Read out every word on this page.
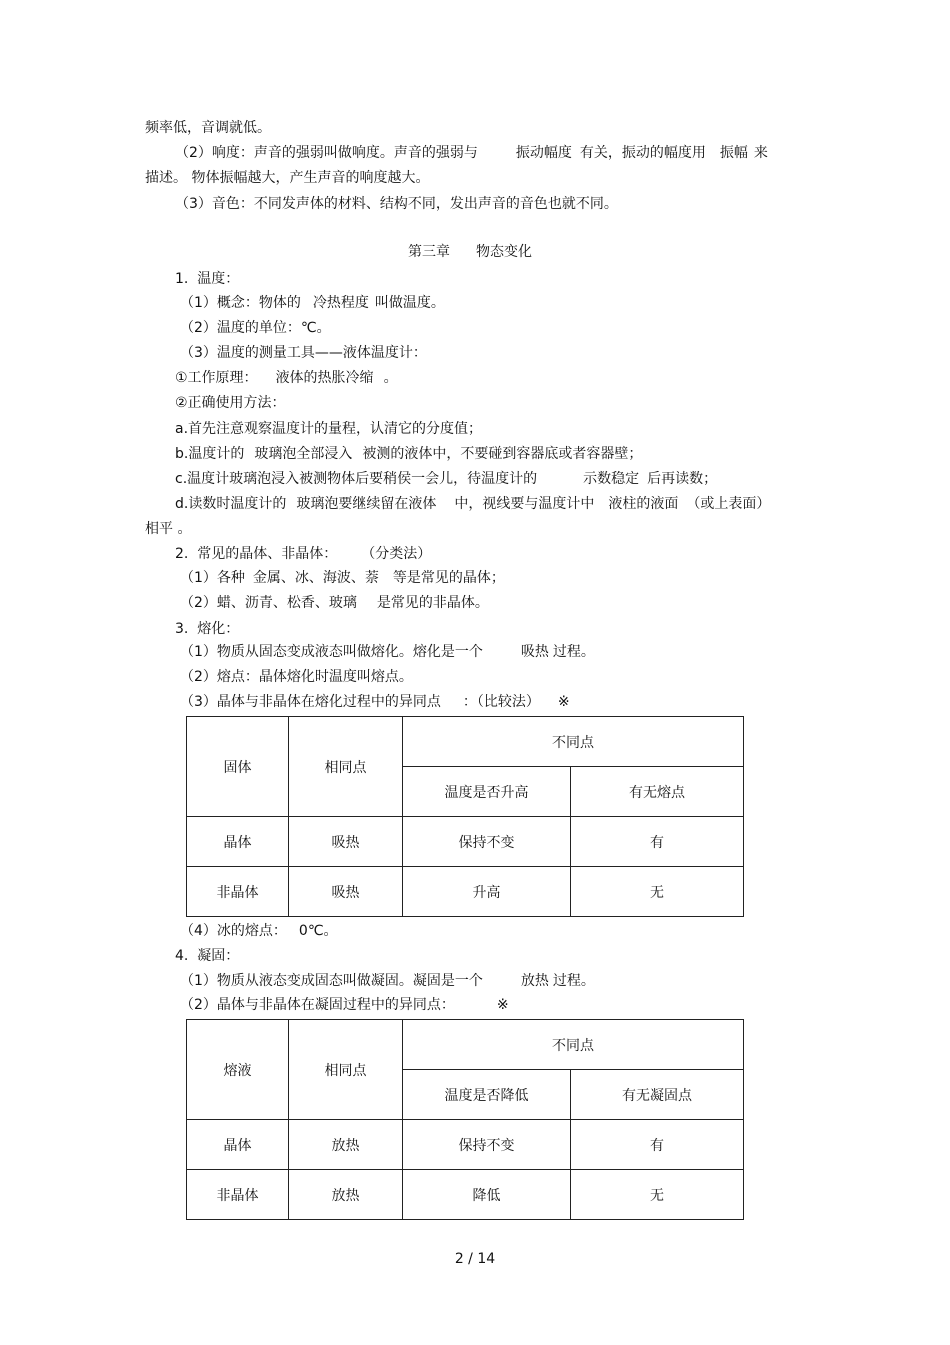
频率低，音调就低。
（2）响度：声音的强弱叫做响度。声音的强弱与	振动幅度 有关，振动的幅度用 振幅 来
描述。 物体振幅越大，产生声音的响度越大。
（3）音色：不同发声体的材料、结构不同，发出声音的音色也就不同。
第三章 物态变化
1.  温度：
（1）概念：物体的 冷热程度 叫做温度。
（2）温度的单位：℃。
（3）温度的测量工具——液体温度计：
①工作原理： 液体的热胀冷缩 。
②正确使用方法：
a.首先注意观察温度计的量程，认清它的分度值；
b.温度计的 玻璃泡全部浸入 被测的液体中，不要碰到容器底或者容器壁；
c.温度计玻璃泡浸入被测物体后要稍侯一会儿，待温度计的	示数稳定 后再读数；
d.读数时温度计的 玻璃泡要继续留在液体 中，视线要与温度计中 液柱的液面 （或上表面）
相平 。
2.  常见的晶体、非晶体： （分类法）
（1）各种 金属、冰、海波、萘 等是常见的晶体；
（2）蜡、沥青、松香、玻璃 是常见的非晶体。
3.  熔化：
（1）物质从固态变成液态叫做熔化。熔化是一个	吸热 过程。
（2）熔点：晶体熔化时温度叫熔点。
（3）晶体与非晶体在熔化过程中的异同点 ：（比较法） ※
固体	相同点	不同点	
		温度是否升高	有无熔点
晶体	吸热	保持不变	有
非晶体	吸热	升高	无
（4）冰的熔点： 0℃。
4.  凝固：
（1）物质从液态变成固态叫做凝固。凝固是一个	放热 过程。
（2）晶体与非晶体在凝固过程中的异同点：	※
熔液	相同点	不同点	
		温度是否降低	有无凝固点
晶体	放热	保持不变	有
非晶体	放热	降低	无
2 / 14
